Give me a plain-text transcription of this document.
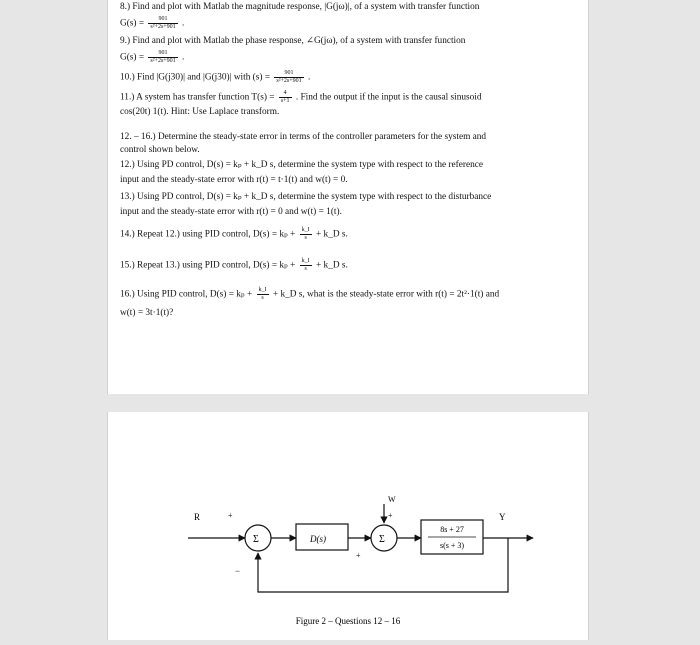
8.) Find and plot with Matlab the magnitude response, |G(jω)|, of a system with transfer function
$G(s) = \frac{901}{\text{s²+2s+901}}$ .
9.) Find and plot with Matlab the phase response, ∠G(jω), of a system with transfer function
$G(s) = \frac{901}{\text{s²+2s+901}}$ .
10.) Find |G(j30)| and |G(j30)| with $(s) = \frac{901}{\text{s²+2s+901}}$ .
11.) A system has transfer function $T(s) = \frac{4}{s+1}$ . Find the output if the input is the causal sinusoid
cos(20t) 1(t). Hint: Use Laplace transform.
12. – 16.) Determine the steady-state error in terms of the controller parameters for the system and
control shown below.
12.) Using PD control, D(s) = kₚ + k_D s, determine the system type with respect to the reference
input and the steady-state error with r(t) = t·1(t) and w(t) = 0.
13.) Using PD control, D(s) = kₚ + k_D s, determine the system type with respect to the disturbance
input and the steady-state error with r(t) = 0 and w(t) = 1(t).
14.) Repeat 12.) using PID control, $D(s) = k_p + \frac{k\_I}{s}$ + k_D s.
15.) Repeat 13.) using PID control, $D(s) = k_p + \frac{k\_I}{s}$ + k_D s.
16.) Using PID control, $D(s) = k_p + \frac{k\_I}{s}$ + k_D s, what is the steady-state error with r(t) = 2t²·1(t) and
w(t) = 3t·1(t)?
R	+
−
Σ	D(s)	Σ
W
+
+
8s + 27
s(s + 3)
Y
Figure 2 – Questions 12 – 16
